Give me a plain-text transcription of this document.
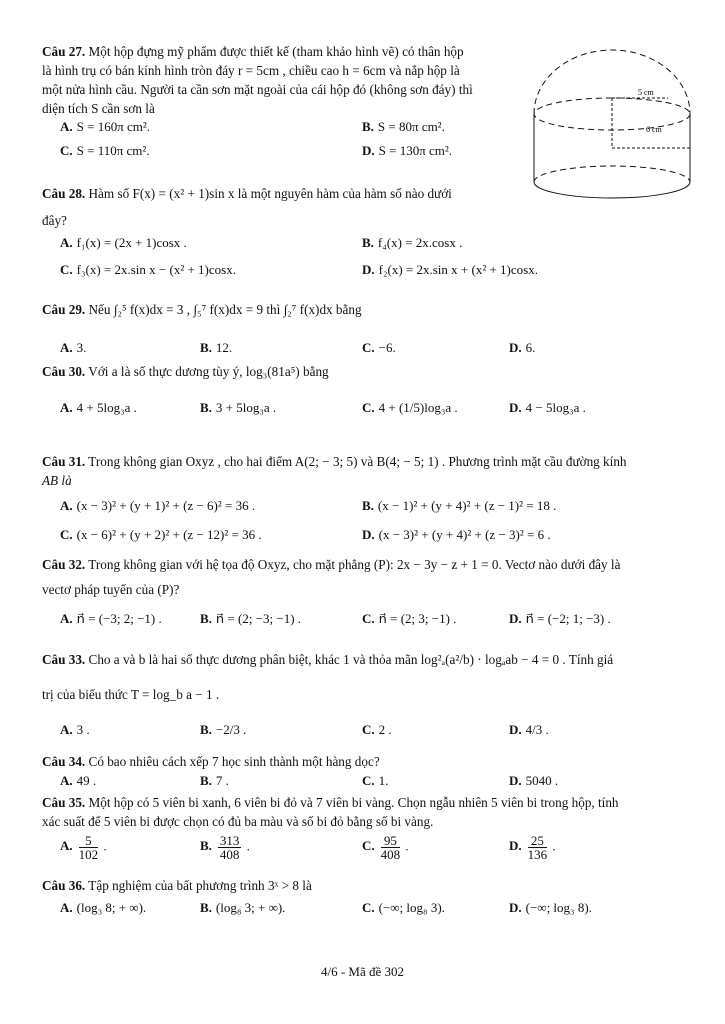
Câu 27. Một hộp đựng mỹ phẩm được thiết kế (tham khảo hình vẽ) có thân hộp
là hình trụ có bán kính hình tròn đáy r = 5cm , chiều cao h = 6cm và nắp hộp là
một nửa hình cầu. Người ta cần sơn mặt ngoài của cái hộp đó (không sơn đáy) thì
diện tích S cần sơn là
A. S = 160π cm².	B. S = 80π cm².
C. S = 110π cm².	D. S = 130π cm².
5 cm
6 cm
Câu 28. Hàm số F(x) = (x² + 1)sin x là một nguyên hàm của hàm số nào dưới
đây?
A. f₁(x) = (2x + 1)cosx .	B. f₄(x) = 2x.cosx .
C. f₃(x) = 2x.sin x − (x² + 1)cosx.	D. f₂(x) = 2x.sin x + (x² + 1)cosx.
Câu 29. Nếu ∫₂⁵ f(x)dx = 3 , ∫₅⁷ f(x)dx = 9 thì ∫₂⁷ f(x)dx bằng
A. 3.	B. 12.	C. −6.	D. 6.
Câu 30. Với a là số thực dương tùy ý, log₃(81a⁵) bằng
A. 4 + 5log₃a .	B. 3 + 5log₃a .	C. 4 + (1/5)log₃a .	D. 4 − 5log₃a .
Câu 31. Trong không gian Oxyz , cho hai điểm A(2; − 3; 5) và B(4; − 5; 1) . Phương trình mặt cầu đường kính
AB là
A. (x − 3)² + (y + 1)² + (z − 6)² = 36 .	B. (x − 1)² + (y + 4)² + (z − 1)² = 18 .
C. (x − 6)² + (y + 2)² + (z − 12)² = 36 .	D. (x − 3)² + (y + 4)² + (z − 3)² = 6 .
Câu 32. Trong không gian với hệ tọa độ Oxyz, cho mặt phẳng (P): 2x − 3y − z + 1 = 0. Vectơ nào dưới đây là
vectơ pháp tuyến của (P)?
A. n⃗ = (−3; 2; −1) .	B. n⃗ = (2; −3; −1) .	C. n⃗ = (2; 3; −1) .	D. n⃗ = (−2; 1; −3) .
Câu 33. Cho a và b là hai số thực dương phân biệt, khác 1 và thỏa mãn log²ₐ(a²/b) · logₐab − 4 = 0 . Tính giá
trị của biểu thức T = log_b a − 1 .
A. 3 .	B. −2/3 .	C. 2 .	D. 4/3 .
Câu 34. Có bao nhiêu cách xếp 7 học sinh thành một hàng dọc?
A. 49 .	B. 7 .	C. 1.	D. 5040 .
Câu 35. Một hộp có 5 viên bi xanh, 6 viên bi đỏ và 7 viên bi vàng. Chọn ngẫu nhiên 5 viên bi trong hộp, tính
xác suất để 5 viên bi được chọn có đủ ba màu và số bi đỏ bằng số bi vàng.
A. $\frac{5}{102}$ .	B. $\frac{313}{408}$ .	C. $\frac{95}{408}$ .	D. $\frac{25}{136}$ .
Câu 36. Tập nghiệm của bất phương trình 3ˣ > 8 là
A. (log₃ 8; + ∞).	B. (log₈ 3; + ∞).	C. (−∞; log₈ 3).	D. (−∞; log₃ 8).
4/6 - Mã đề 302
